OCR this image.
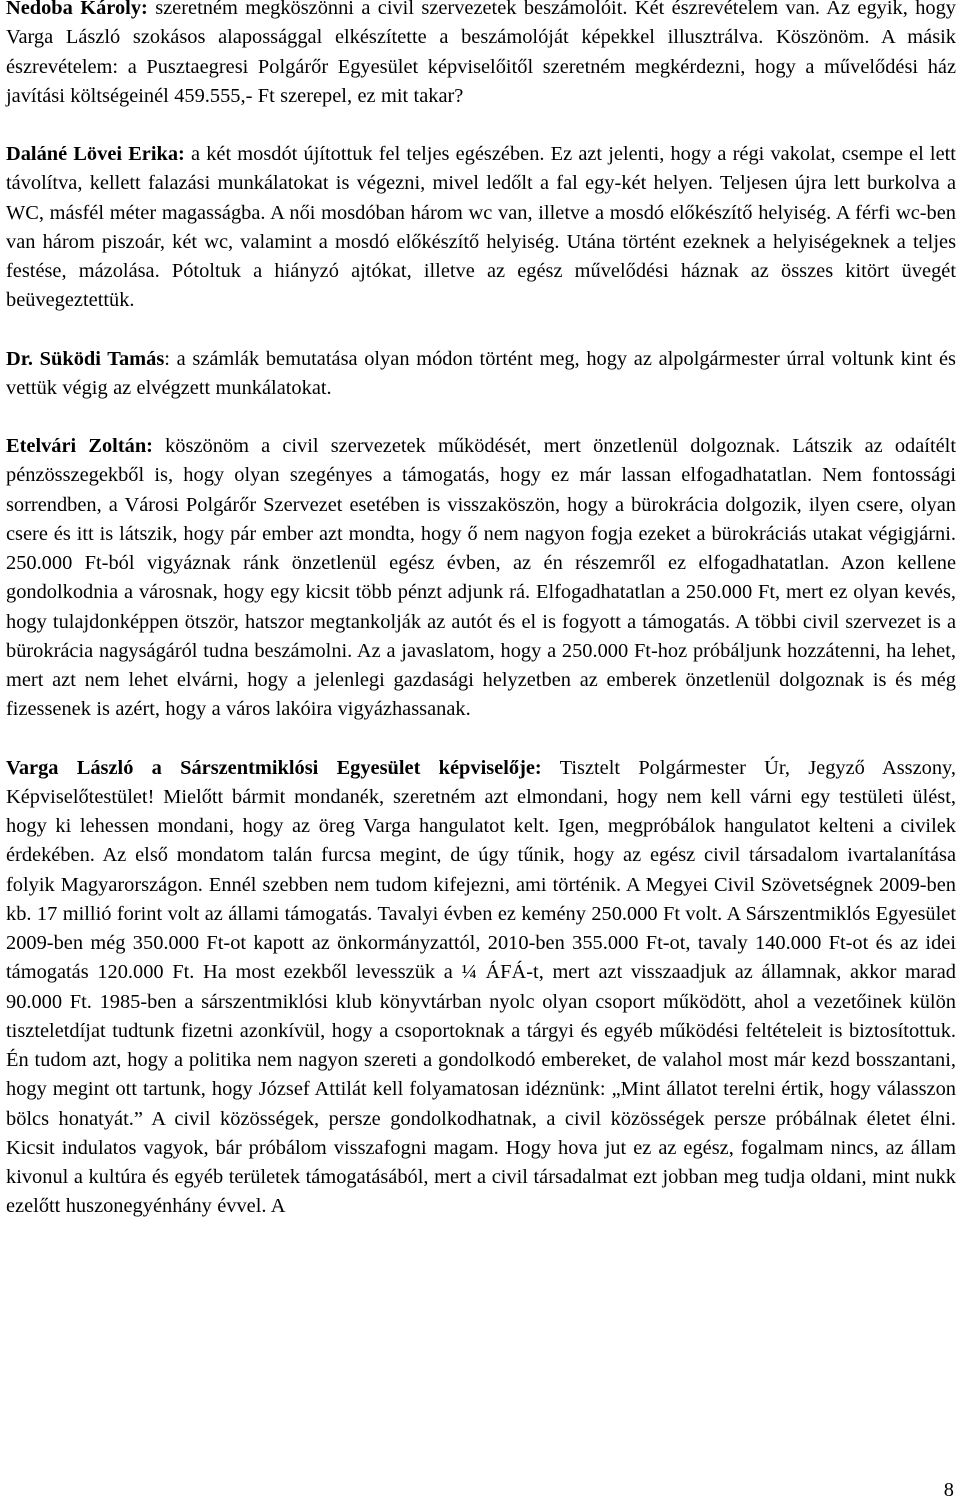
Nedoba Károly: szeretném megköszönni a civil szervezetek beszámolóit. Két észrevételem van. Az egyik, hogy Varga László szokásos alapossággal elkészítette a beszámolóját képekkel illusztrálva. Köszönöm. A másik észrevételem: a Pusztaegresi Polgárőr Egyesület képviselőitől szeretném megkérdezni, hogy a művelődési ház javítási költségeinél 459.555,- Ft szerepel, ez mit takar?

Daláné Lövei Erika: a két mosdót újítottuk fel teljes egészében. Ez azt jelenti, hogy a régi vakolat, csempe el lett távolítva, kellett falazási munkálatokat is végezni, mivel ledőlt a fal egy-két helyen. Teljesen újra lett burkolva a WC, másfél méter magasságba. A női mosdóban három wc van, illetve a mosdó előkészítő helyiség. A férfi wc-ben van három piszoár, két wc, valamint a mosdó előkészítő helyiség. Utána történt ezeknek a helyiségeknek a teljes festése, mázolása. Pótoltuk a hiányzó ajtókat, illetve az egész művelődési háznak az összes kitört üvegét beüvegeztettük.

Dr. Süködi Tamás: a számlák bemutatása olyan módon történt meg, hogy az alpolgármester úrral voltunk kint és vettük végig az elvégzett munkálatokat.

Etelvári Zoltán: köszönöm a civil szervezetek működését, mert önzetlenül dolgoznak. Látszik az odaítélt pénzösszegekből is, hogy olyan szegényes a támogatás, hogy ez már lassan elfogadhatatlan. Nem fontossági sorrendben, a Városi Polgárőr Szervezet esetében is visszaköszön, hogy a bürokrácia dolgozik, ilyen csere, olyan csere és itt is látszik, hogy pár ember azt mondta, hogy ő nem nagyon fogja ezeket a bürokráciás utakat végigjárni. 250.000 Ft-ból vigyáznak ránk önzetlenül egész évben, az én részemről ez elfogadhatatlan. Azon kellene gondolkodnia a városnak, hogy egy kicsit több pénzt adjunk rá. Elfogadhatatlan a 250.000 Ft, mert ez olyan kevés, hogy tulajdonképpen ötször, hatszor megtankolják az autót és el is fogyott a támogatás. A többi civil szervezet is a bürokrácia nagyságáról tudna beszámolni. Az a javaslatom, hogy a 250.000 Ft-hoz próbáljunk hozzátenni, ha lehet, mert azt nem lehet elvárni, hogy a jelenlegi gazdasági helyzetben az emberek önzetlenül dolgoznak is és még fizessenek is azért, hogy a város lakóira vigyázhassanak.

Varga László a Sárszentmiklósi Egyesület képviselője: Tisztelt Polgármester Úr, Jegyző Asszony, Képviselőtestület! Mielőtt bármit mondanék, szeretném azt elmondani, hogy nem kell várni egy testületi ülést, hogy ki lehessen mondani, hogy az öreg Varga hangulatot kelt. Igen, megpróbálok hangulatot kelteni a civilek érdekében. Az első mondatom talán furcsa megint, de úgy tűnik, hogy az egész civil társadalom ivartalanítása folyik Magyarországon. Ennél szebben nem tudom kifejezni, ami történik. A Megyei Civil Szövetségnek 2009-ben kb. 17 millió forint volt az állami támogatás. Tavalyi évben ez kemény 250.000 Ft volt. A Sárszentmiklós Egyesület 2009-ben még 350.000 Ft-ot kapott az önkormányzattól, 2010-ben 355.000 Ft-ot, tavaly 140.000 Ft-ot és az idei támogatás 120.000 Ft. Ha most ezekből levesszük a ¼ ÁFÁ-t, mert azt visszaadjuk az államnak, akkor marad 90.000 Ft. 1985-ben a sárszentmiklósi klub könyvtárban nyolc olyan csoport működött, ahol a vezetőinek külön tiszteletdíjat tudtunk fizetni azonkívül, hogy a csoportoknak a tárgyi és egyéb működési feltételeit is biztosítottuk. Én tudom azt, hogy a politika nem nagyon szereti a gondolkodó embereket, de valahol most már kezd bosszantani, hogy megint ott tartunk, hogy József Attilát kell folyamatosan idéznünk: „Mint állatot terelni értik, hogy válasszon bölcs honatyát.” A civil közösségek, persze gondolkodhatnak, a civil közösségek persze próbálnak életet élni. Kicsit indulatos vagyok, bár próbálom visszafogni magam. Hogy hova jut ez az egész, fogalmam nincs, az állam kivonul a kultúra és egyéb területek támogatásából, mert a civil társadalmat ezt jobban meg tudja oldani, mint nukk ezelőtt huszonegyénhány évvel. A

8
